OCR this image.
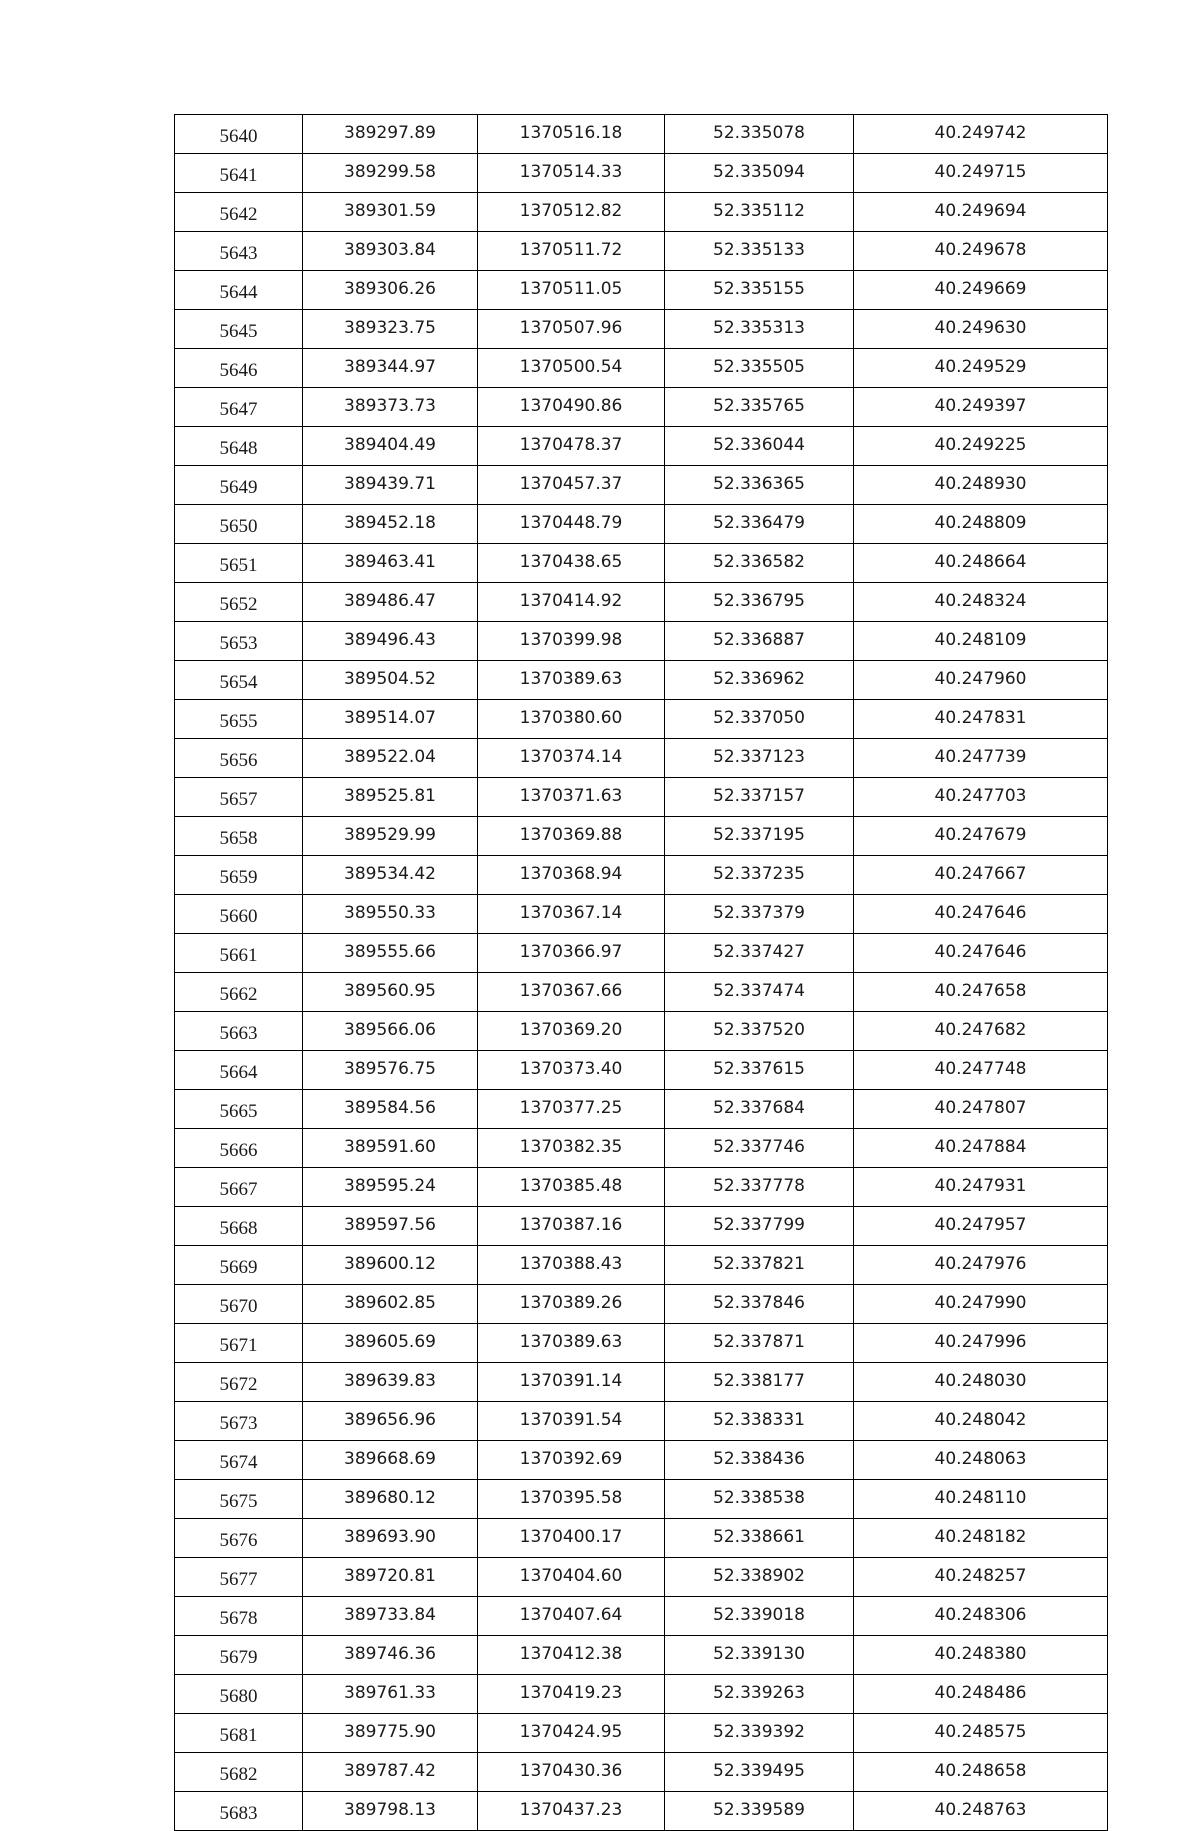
5640	389297.89	1370516.18	52.335078	40.249742
5641	389299.58	1370514.33	52.335094	40.249715
5642	389301.59	1370512.82	52.335112	40.249694
5643	389303.84	1370511.72	52.335133	40.249678
5644	389306.26	1370511.05	52.335155	40.249669
5645	389323.75	1370507.96	52.335313	40.249630
5646	389344.97	1370500.54	52.335505	40.249529
5647	389373.73	1370490.86	52.335765	40.249397
5648	389404.49	1370478.37	52.336044	40.249225
5649	389439.71	1370457.37	52.336365	40.248930
5650	389452.18	1370448.79	52.336479	40.248809
5651	389463.41	1370438.65	52.336582	40.248664
5652	389486.47	1370414.92	52.336795	40.248324
5653	389496.43	1370399.98	52.336887	40.248109
5654	389504.52	1370389.63	52.336962	40.247960
5655	389514.07	1370380.60	52.337050	40.247831
5656	389522.04	1370374.14	52.337123	40.247739
5657	389525.81	1370371.63	52.337157	40.247703
5658	389529.99	1370369.88	52.337195	40.247679
5659	389534.42	1370368.94	52.337235	40.247667
5660	389550.33	1370367.14	52.337379	40.247646
5661	389555.66	1370366.97	52.337427	40.247646
5662	389560.95	1370367.66	52.337474	40.247658
5663	389566.06	1370369.20	52.337520	40.247682
5664	389576.75	1370373.40	52.337615	40.247748
5665	389584.56	1370377.25	52.337684	40.247807
5666	389591.60	1370382.35	52.337746	40.247884
5667	389595.24	1370385.48	52.337778	40.247931
5668	389597.56	1370387.16	52.337799	40.247957
5669	389600.12	1370388.43	52.337821	40.247976
5670	389602.85	1370389.26	52.337846	40.247990
5671	389605.69	1370389.63	52.337871	40.247996
5672	389639.83	1370391.14	52.338177	40.248030
5673	389656.96	1370391.54	52.338331	40.248042
5674	389668.69	1370392.69	52.338436	40.248063
5675	389680.12	1370395.58	52.338538	40.248110
5676	389693.90	1370400.17	52.338661	40.248182
5677	389720.81	1370404.60	52.338902	40.248257
5678	389733.84	1370407.64	52.339018	40.248306
5679	389746.36	1370412.38	52.339130	40.248380
5680	389761.33	1370419.23	52.339263	40.248486
5681	389775.90	1370424.95	52.339392	40.248575
5682	389787.42	1370430.36	52.339495	40.248658
5683	389798.13	1370437.23	52.339589	40.248763
